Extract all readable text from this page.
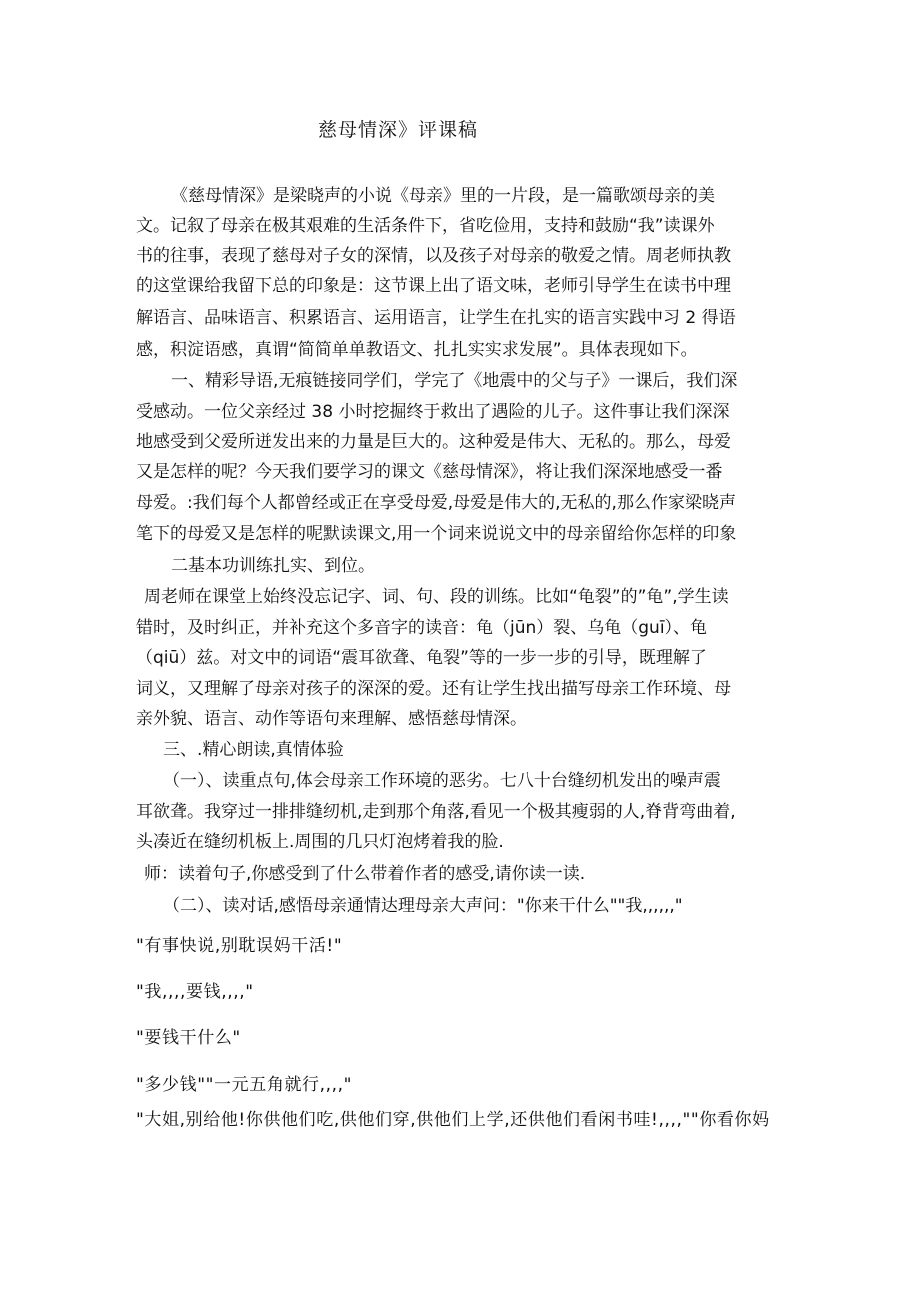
慈母情深》评课稿
《慈母情深》是梁晓声的小说《母亲》里的一片段，是一篇歌颂母亲的美
文。记叙了母亲在极其艰难的生活条件下，省吃俭用，支持和鼓励“我”读课外
书的往事，表现了慈母对子女的深情，以及孩子对母亲的敬爱之情。周老师执教
的这堂课给我留下总的印象是：这节课上出了语文味，老师引导学生在读书中理
解语言、品味语言、积累语言、运用语言，让学生在扎实的语言实践中习 2 得语
感，积淀语感，真谓“简简单单教语文、扎扎实实求发展”。具体表现如下。
一、精彩导语,无痕链接同学们，学完了《地震中的父与子》一课后，我们深
受感动。一位父亲经过 38 小时挖掘终于救出了遇险的儿子。这件事让我们深深
地感受到父爱所迸发出来的力量是巨大的。这种爱是伟大、无私的。那么，母爱
又是怎样的呢？今天我们要学习的课文《慈母情深》，将让我们深深地感受一番
母爱。:我们每个人都曾经或正在享受母爱,母爱是伟大的,无私的,那么作家梁晓声
笔下的母爱又是怎样的呢默读课文,用一个词来说说文中的母亲留给你怎样的印象
二基本功训练扎实、到位。
周老师在课堂上始终没忘记字、词、句、段的训练。比如“龟裂”的”龟”,学生读
错时，及时纠正，并补充这个多音字的读音：龟（jūn）裂、乌龟（guī）、龟
（qiū）兹。对文中的词语“震耳欲聋、龟裂”等的一步一步的引导，既理解了
词义，又理解了母亲对孩子的深深的爱。还有让学生找出描写母亲工作环境、母
亲外貌、语言、动作等语句来理解、感悟慈母情深。
三、.精心朗读,真情体验
（一）、读重点句,体会母亲工作环境的恶劣。七八十台缝纫机发出的噪声震
耳欲聋。我穿过一排排缝纫机,走到那个角落,看见一个极其瘦弱的人,脊背弯曲着,
头凑近在缝纫机板上.周围的几只灯泡烤着我的脸.
师：读着句子,你感受到了什么带着作者的感受,请你读一读.
（二）、读对话,感悟母亲通情达理母亲大声问："你来干什么""我,,,,,,"
"有事快说,别耽误妈干活!"
"我,,,,要钱,,,,"
"要钱干什么"
"多少钱""一元五角就行,,,,"
"大姐,别给他!你供他们吃,供他们穿,供他们上学,还供他们看闲书哇!,,,,""你看你妈
